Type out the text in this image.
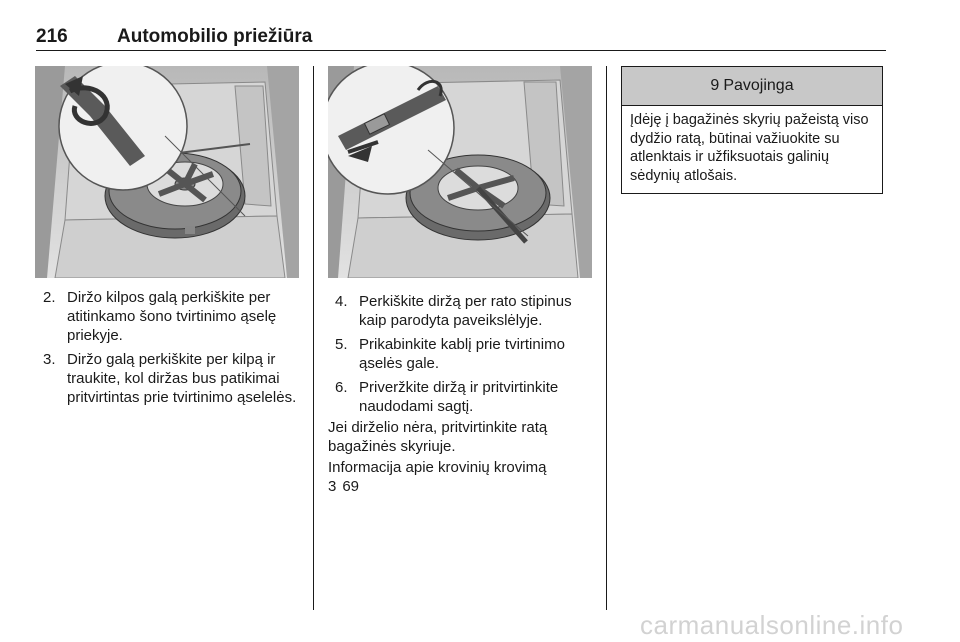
216	Automobilio priežiūra
2. Diržo kilpos galą perkiškite per atitinkamo šono tvirtinimo ąselę priekyje.
3. Diržo galą perkiškite per kilpą ir traukite, kol diržas bus patikimai pritvirtintas prie tvirtinimo ąselelės.
4. Perkiškite diržą per rato stipinus kaip parodyta paveikslėlyje.
5. Prikabinkite kablį prie tvirtinimo ąselės gale.
6. Priveržkite diržą ir pritvirtinkite naudodami sagtį.

Jei dirželio nėra, pritvirtinkite ratą bagažinės skyriuje.

Informacija apie krovinių krovimą
3 69

9 Pavojinga
Įdėję į bagažinės skyrių pažeistą viso dydžio ratą, būtinai važiuokite su atlenktais ir užfiksuotais galinių sėdynių atlošais.
carmanualsonline.info
